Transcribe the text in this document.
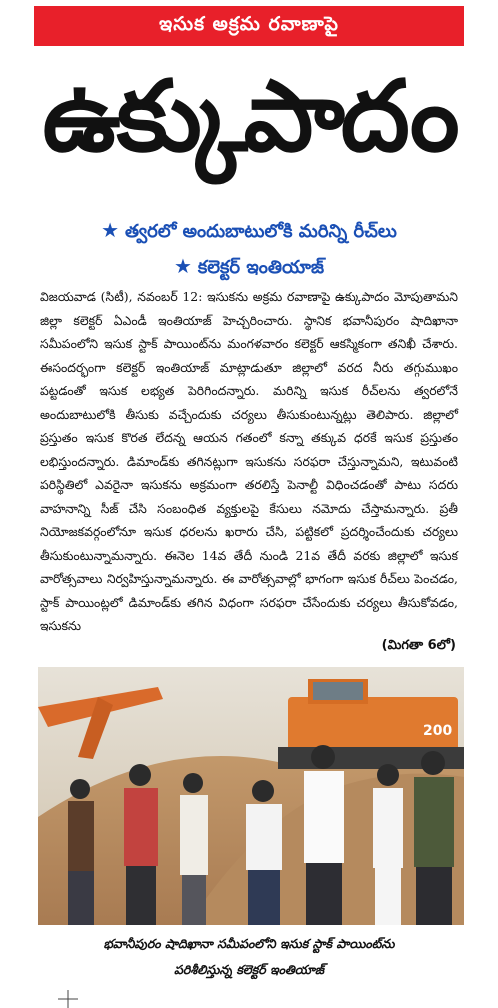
ఇసుక అక్రమ రవాణాపై
ఉక్కుపాదం
★ త్వరలో అందుబాటులోకి మరిన్ని రీచ్‌లు
★ కలెక్టర్ ఇంతియాజ్

విజయవాడ (సిటీ), నవంబర్ 12: ఇసుకను అక్రమ రవాణాపై ఉక్కుపాదం మోపుతామని జిల్లా కలెక్టర్ ఏఎండీ ఇంతియాజ్ హెచ్చరించారు. స్థానిక భవానీపురం షాదిఖానా సమీపంలోని ఇసుక స్టాక్ పాయింట్‌ను మంగళవారం కలెక్టర్ ఆకస్మికంగా తనిఖీ చేశారు. ఈసందర్భంగా కలెక్టర్ ఇంతియాజ్ మాట్లాడుతూ జిల్లాలో వరద నీరు తగ్గుముఖం పట్టడంతో ఇసుక లభ్యత పెరిగిందన్నారు. మరిన్ని ఇసుక రీచ్‌లను త్వరలోనే అందుబాటులోకి తీసుకు వచ్చేందుకు చర్యలు తీసుకుంటున్నట్లు తెలిపారు. జిల్లాలో ప్రస్తుతం ఇసుక కొరత లేదన్న ఆయన గతంలో కన్నా తక్కువ ధరకే ఇసుక ప్రస్తుతం లభిస్తుందన్నారు. డిమాండ్‌కు తగినట్లుగా ఇసుకను సరఫరా చేస్తున్నామని, ఇటువంటి పరిస్థితిలో ఎవరైనా ఇసుకను అక్రమంగా తరలిస్తే పెనాల్టీ విధించడంతో పాటు సదరు వాహనాన్ని సీజ్ చేసి సంబంధిత వ్యక్తులపై కేసులు నమోదు చేస్తామన్నారు. ప్రతీ నియోజకవర్గంలోనూ ఇసుక ధరలను ఖరారు చేసి, పట్టికలో ప్రదర్శించేందుకు చర్యలు తీసుకుంటున్నామన్నారు. ఈనెల 14వ తేదీ నుండి 21వ తేదీ వరకు జిల్లాలో ఇసుక వారోత్సవాలు నిర్వహిస్తున్నామన్నారు. ఈ వారోత్సవాల్లో భాగంగా ఇసుక రీచ్‌లు పెంచడం, స్టాక్ పాయింట్లలో డిమాండ్‌కు తగిన విధంగా సరఫరా చేసేందుకు చర్యలు తీసుకోవడం, ఇసుకను

(మిగతా 6లో)
200
భవానీపురం షాదిఖానా సమీపంలోని ఇసుక స్టాక్ పాయింట్‌ను
పరిశీలిస్తున్న కలెక్టర్ ఇంతియాజ్
